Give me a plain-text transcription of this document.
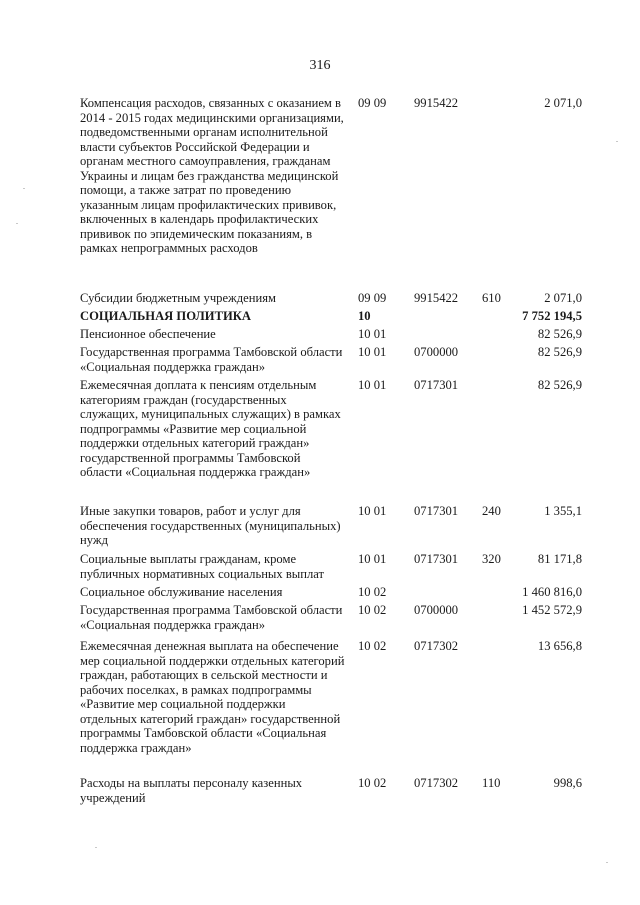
316
Компенсация расходов, связанных с оказанием в 2014 - 2015 годах медицинскими организациями, подведомственными органам исполнительной власти субъектов Российской Федерации и органам местного самоуправления, гражданам Украины и лицам без гражданства медицинской помощи, а также затрат по проведению указанным лицам профилактических прививок, включенных в календарь профилактических прививок по эпидемическим показаниям, в рамках непрограммных расходов
09 09 9915422	2 071,0
Субсидии бюджетным учреждениям	09 09 9915422 610	2 071,0
СОЦИАЛЬНАЯ ПОЛИТИКА	10	7 752 194,5
Пенсионное обеспечение	10 01	82 526,9
Государственная программа Тамбовской области «Социальная поддержка граждан»
10 01 0700000	82 526,9
Ежемесячная доплата к пенсиям отдельным категориям граждан (государственных служащих, муниципальных служащих) в рамках подпрограммы «Развитие мер социальной поддержки отдельных категорий граждан» государственной программы Тамбовской области «Социальная поддержка граждан»
10 01 0717301	82 526,9
Иные закупки товаров, работ и услуг для обеспечения государственных (муниципальных) нужд
10 01 0717301 240	1 355,1
Социальные выплаты гражданам, кроме публичных нормативных социальных выплат
10 01 0717301 320	81 171,8
Социальное обслуживание населения	10 02	1 460 816,0
Государственная программа Тамбовской области «Социальная поддержка граждан»
10 02 0700000	1 452 572,9
Ежемесячная денежная выплата на обеспечение мер социальной поддержки отдельных категорий граждан, работающих в сельской местности и рабочих поселках, в рамках подпрограммы «Развитие мер социальной поддержки отдельных категорий граждан» государственной программы Тамбовской области «Социальная поддержка граждан»
10 02 0717302	13 656,8
Расходы на выплаты персоналу казенных учреждений
10 02 0717302 110	998,6
